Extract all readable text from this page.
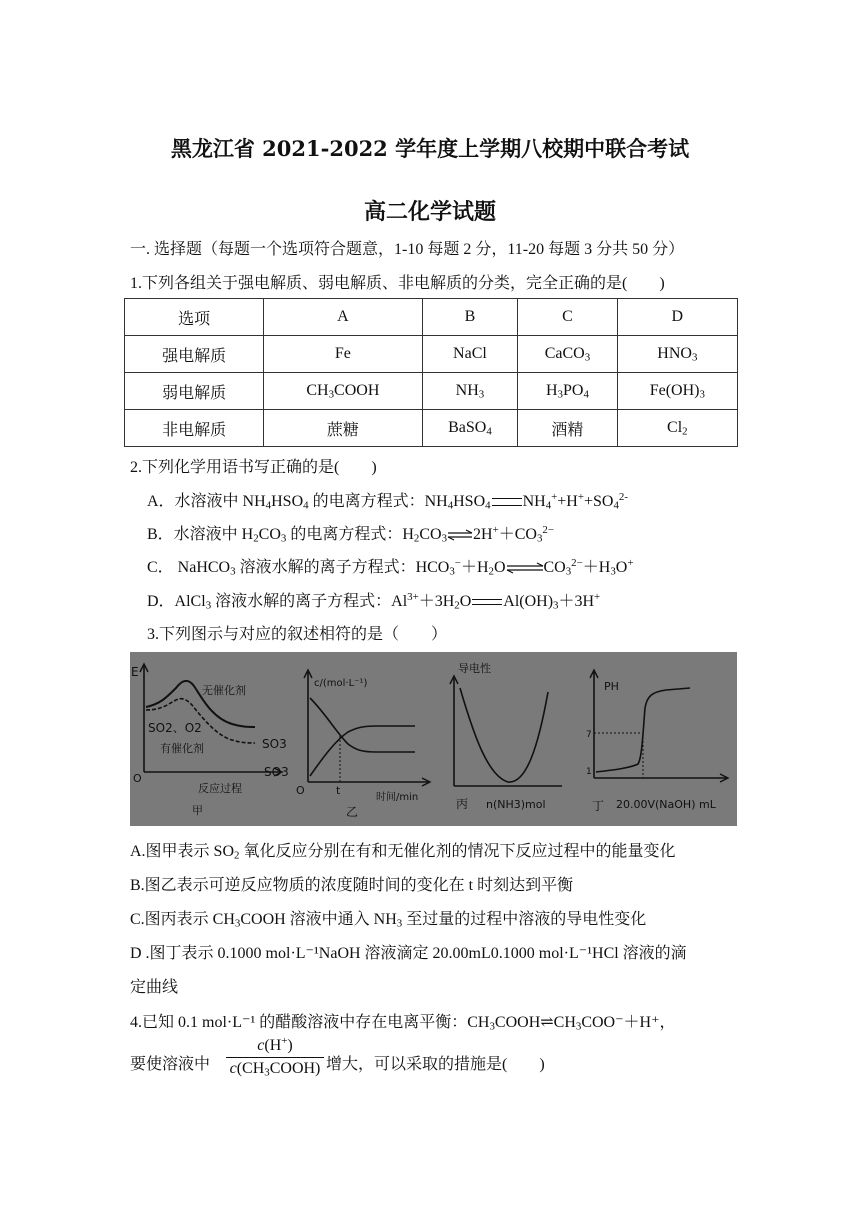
黑龙江省 2021-2022 学年度上学期八校期中联合考试
高二化学试题
一. 选择题（每题一个选项符合题意，1-10 每题 2 分，11-20 每题 3 分共 50 分）
1.下列各组关于强电解质、弱电解质、非电解质的分类，完全正确的是(　　)
选项	A	B	C	D
强电解质	Fe	NaCl	CaCO$_3$	$HNO_3$
弱电解质	$CH_3COOH$	$NH_3$	$H_3PO_4$	$Fe(OH)_3$
非电解质	蔗糖	BaSO$_4$	酒精	$Cl_2$
2.下列化学用语书写正确的是(　　)
A．水溶液中 $NH_4HSO_4$ 的电离方程式：$NH_4HSO_4$ $NH_4^++H^++SO_4^{2-}$
B．水溶液中 $H_2CO_3$ 的电离方程式：$H_2CO_3\rightleftharpoons 2H^++CO_3^{2-}$
C． NaHCO$_3$ 溶液水解的离子方程式：$HCO_3^-+H_2O\rightleftharpoons CO_3^{2-}+H_3O^+$
D．AlCl$_3$ 溶液水解的离子方程式：$Al^{3+}+3H_2O$ $Al(OH)_3+3H^+$
3.下列图示与对应的叙述相符的是（　　）
E
无催化剂
SO2、O2
有催化剂	SO3
SO3
反应过程
O
甲
c/(mol·L⁻¹)
t
时间/min
O
乙
导电性
丙 n(NH3)mol
PH
7
1
丁 20.00V(NaOH) mL
A.图甲表示 $SO_2$ 氧化反应分别在有和无催化剂的情况下反应过程中的能量变化
B.图乙表示可逆反应物质的浓度随时间的变化在 t 时刻达到平衡
C.图丙表示 $CH_3COOH$ 溶液中通入 $NH_3$ 至过量的过程中溶液的导电性变化
D .图丁表示 0.1000 mol·L⁻¹NaOH 溶液滴定 20.00mL0.1000 mol·L⁻¹HCl 溶液的滴
定曲线
4.已知 0.1 mol·L⁻¹ 的醋酸溶液中存在电离平衡：$CH_3COOH\rightleftharpoons CH_3COO^-+H^+$，
要使溶液中
c(H+)
$c(CH_3COOH)$ 增大，可以采取的措施是(　　)
